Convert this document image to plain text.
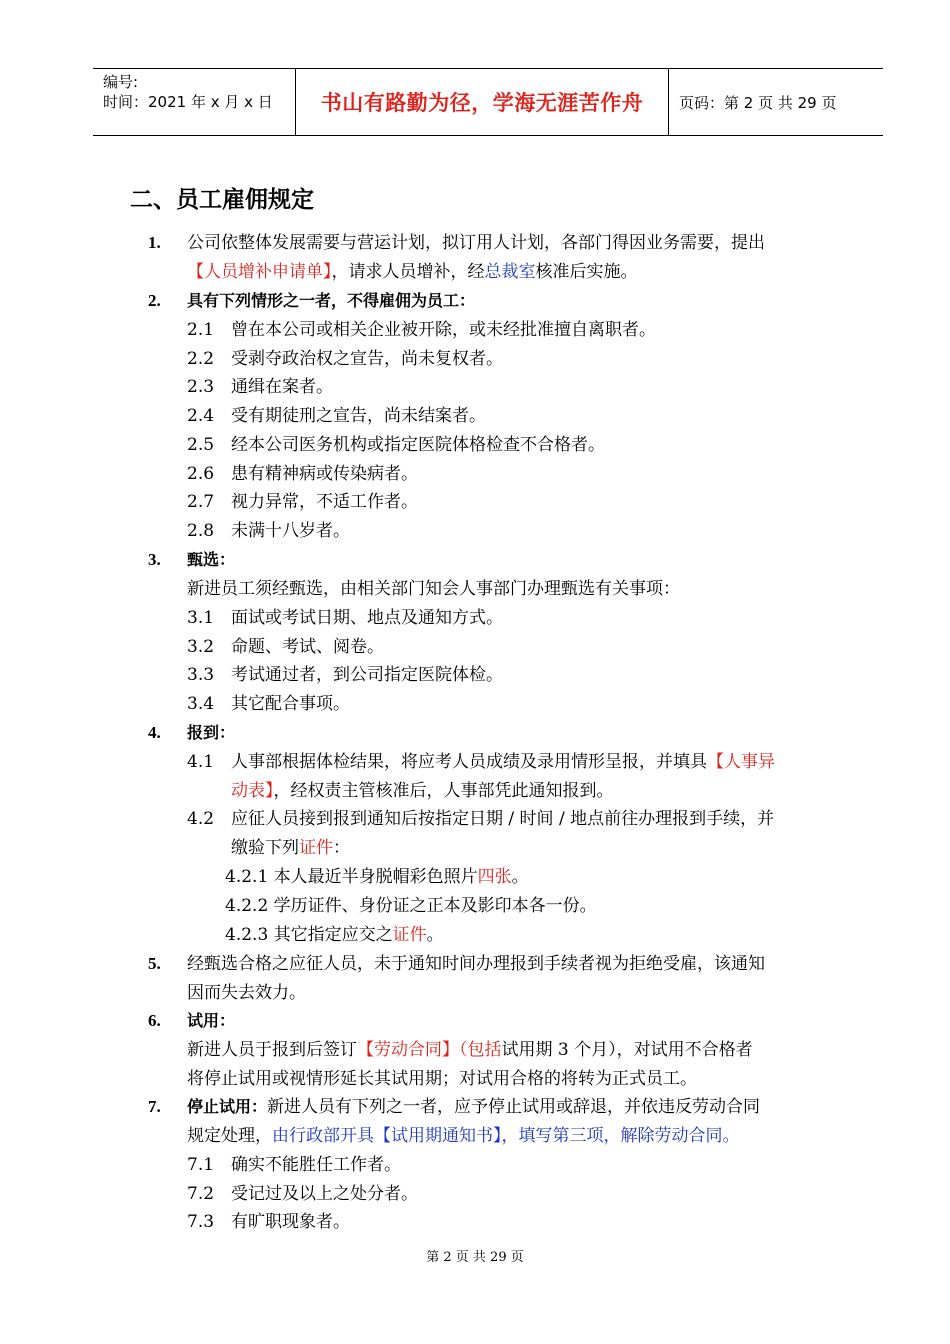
编号:
时间：2021 年 x 月 x 日	书山有路勤为径，学海无涯苦作舟	页码：第 2 页 共 29 页
二、员工雇佣规定
1. 公司依整体发展需要与营运计划，拟订用人计划，各部门得因业务需要，提出
【人员增补申请单】，请求人员增补，经总裁室核准后实施。
2. 具有下列情形之一者，不得雇佣为员工：
2.1 曾在本公司或相关企业被开除，或未经批准擅自离职者。
2.2 受剥夺政治权之宣告，尚未复权者。
2.3 通缉在案者。
2.4 受有期徒刑之宣告，尚未结案者。
2.5 经本公司医务机构或指定医院体格检查不合格者。
2.6 患有精神病或传染病者。
2.7 视力异常，不适工作者。
2.8 未满十八岁者。
3. 甄选：
新进员工须经甄选，由相关部门知会人事部门办理甄选有关事项：
3.1 面试或考试日期、地点及通知方式。
3.2 命题、考试、阅卷。
3.3 考试通过者，到公司指定医院体检。
3.4 其它配合事项。
4. 报到：
4.1 人事部根据体检结果，将应考人员成绩及录用情形呈报，并填具【人事异
动表】，经权责主管核准后，人事部凭此通知报到。
4.2 应征人员接到报到通知后按指定日期 / 时间 / 地点前往办理报到手续，并
缴验下列证件：
4.2.1 本人最近半身脱帽彩色照片四张。
4.2.2 学历证件、身份证之正本及影印本各一份。
4.2.3 其它指定应交之证件。
5. 经甄选合格之应征人员，未于通知时间办理报到手续者视为拒绝受雇，该通知
因而失去效力。
6. 试用：
新进人员于报到后签订【劳动合同】（包括试用期 3 个月），对试用不合格者
将停止试用或视情形延长其试用期；对试用合格的将转为正式员工。
7. 停止试用：新进人员有下列之一者，应予停止试用或辞退，并依违反劳动合同
规定处理，由行政部开具【试用期通知书】，填写第三项，解除劳动合同。
7.1 确实不能胜任工作者。
7.2 受记过及以上之处分者。
7.3 有旷职现象者。
第 2 页 共 29 页
